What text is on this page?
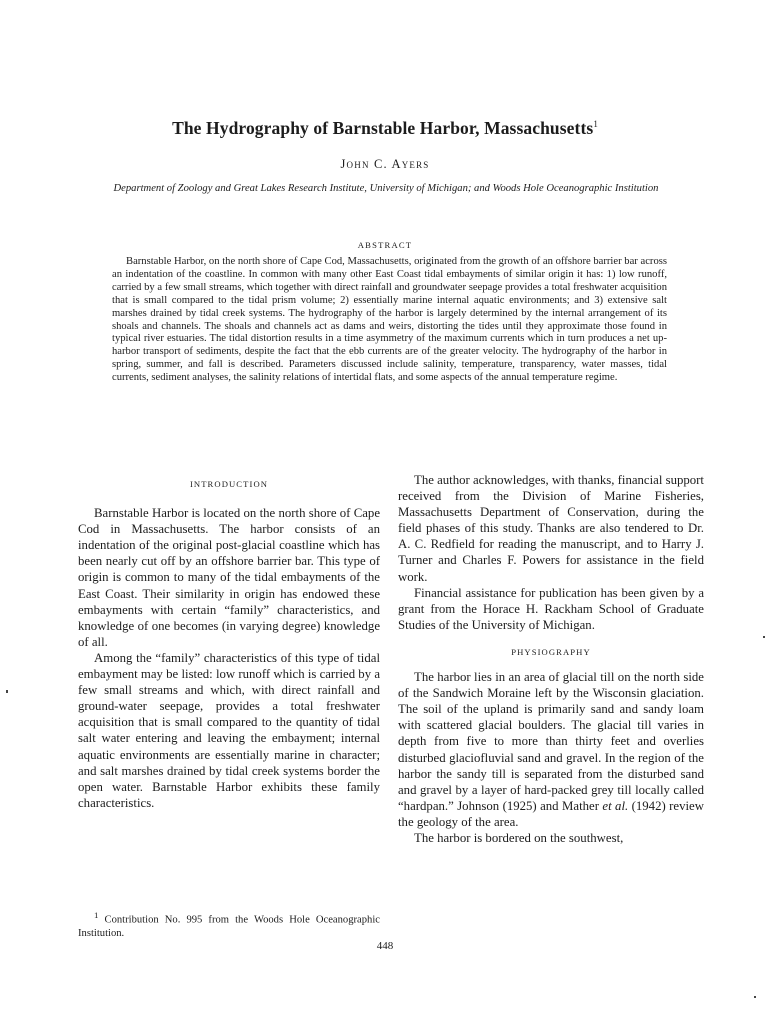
The Hydrography of Barnstable Harbor, Massachusetts$^1$
John C. Ayers
Department of Zoology and Great Lakes Research Institute, University of Michigan; and Woods Hole Oceanographic Institution
ABSTRACT

Barnstable Harbor, on the north shore of Cape Cod, Massachusetts, originated from the growth of an offshore barrier bar across an indentation of the coastline. In common with many other East Coast tidal embayments of similar origin it has: 1) low runoff, carried by a few small streams, which together with direct rainfall and groundwater seepage provides a total freshwater acquisition that is small compared to the tidal prism volume; 2) essentially marine internal aquatic environments; and 3) extensive salt marshes drained by tidal creek systems. The hydrography of the harbor is largely determined by the internal arrangement of its shoals and channels. The shoals and channels act as dams and weirs, distorting the tides until they approximate those found in typical river estuaries. The tidal distortion results in a time asymmetry of the maximum currents which in turn produces a net up-harbor transport of sediments, despite the fact that the ebb currents are of the greater velocity. The hydrography of the harbor in spring, summer, and fall is described. Parameters discussed include salinity, temperature, transparency, water masses, tidal currents, sediment analyses, the salinity relations of intertidal flats, and some aspects of the annual temperature regime.

INTRODUCTION

Barnstable Harbor is located on the north shore of Cape Cod in Massachusetts. The harbor consists of an indentation of the original post-glacial coastline which has been nearly cut off by an offshore barrier bar. This type of origin is common to many of the tidal embayments of the East Coast. Their similarity in origin has endowed these embayments with certain “family” characteristics, and knowledge of one becomes (in varying degree) knowledge of all.

Among the “family” characteristics of this type of tidal embayment may be listed: low runoff which is carried by a few small streams and which, with direct rainfall and ground-water seepage, provides a total freshwater acquisition that is small compared to the quantity of tidal salt water entering and leaving the embayment; internal aquatic environments are essentially marine in character; and salt marshes drained by tidal creek systems border the open water. Barnstable Harbor exhibits these family characteristics.

The author acknowledges, with thanks, financial support received from the Division of Marine Fisheries, Massachusetts Department of Conservation, during the field phases of this study. Thanks are also tendered to Dr. A. C. Redfield for reading the manuscript, and to Harry J. Turner and Charles F. Powers for assistance in the field work.

Financial assistance for publication has been given by a grant from the Horace H. Rackham School of Graduate Studies of the University of Michigan.

PHYSIOGRAPHY

The harbor lies in an area of glacial till on the north side of the Sandwich Moraine left by the Wisconsin glaciation. The soil of the upland is primarily sand and sandy loam with scattered glacial boulders. The glacial till varies in depth from five to more than thirty feet and overlies disturbed glaciofluvial sand and gravel. In the region of the harbor the sandy till is separated from the disturbed sand and gravel by a layer of hard-packed grey till locally called “hardpan.” Johnson (1925) and Mather et al. (1942) review the geology of the area.

The harbor is bordered on the southwest,

$^1$ Contribution No. 995 from the Woods Hole Oceanographic Institution.

448
